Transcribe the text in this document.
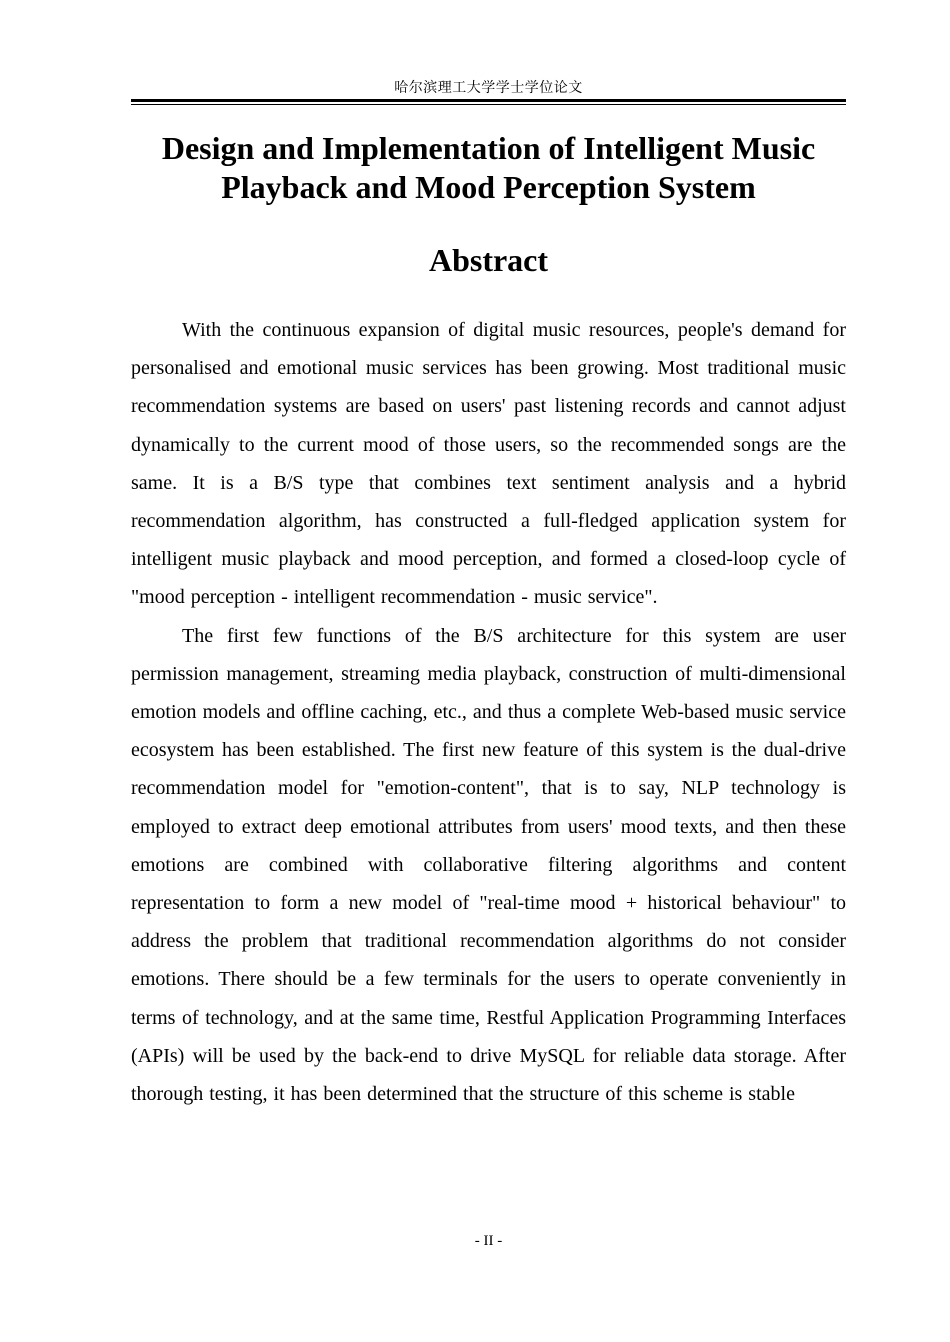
哈尔滨理工大学学士学位论文
Design and Implementation of Intelligent Music Playback and Mood Perception System
Abstract

With the continuous expansion of digital music resources, people's demand for personalised and emotional music services has been growing. Most traditional music recommendation systems are based on users' past listening records and cannot adjust dynamically to the current mood of those users, so the recommended songs are the same. It is a B/S type that combines text sentiment analysis and a hybrid recommendation algorithm, has constructed a full-fledged application system for intelligent music playback and mood perception, and formed a closed-loop cycle of "mood perception - intelligent recommendation - music service".

The first few functions of the B/S architecture for this system are user permission management, streaming media playback, construction of multi-dimensional emotion models and offline caching, etc., and thus a complete Web-based music service ecosystem has been established. The first new feature of this system is the dual-drive recommendation model for "emotion-content", that is to say, NLP technology is employed to extract deep emotional attributes from users' mood texts, and then these emotions are combined with collaborative filtering algorithms and content representation to form a new model of "real-time mood + historical behaviour" to address the problem that traditional recommendation algorithms do not consider emotions. There should be a few terminals for the users to operate conveniently in terms of technology, and at the same time, Restful Application Programming Interfaces (APIs) will be used by the back-end to drive MySQL for reliable data storage. After thorough testing, it has been determined that the structure of this scheme is stable

- II -
